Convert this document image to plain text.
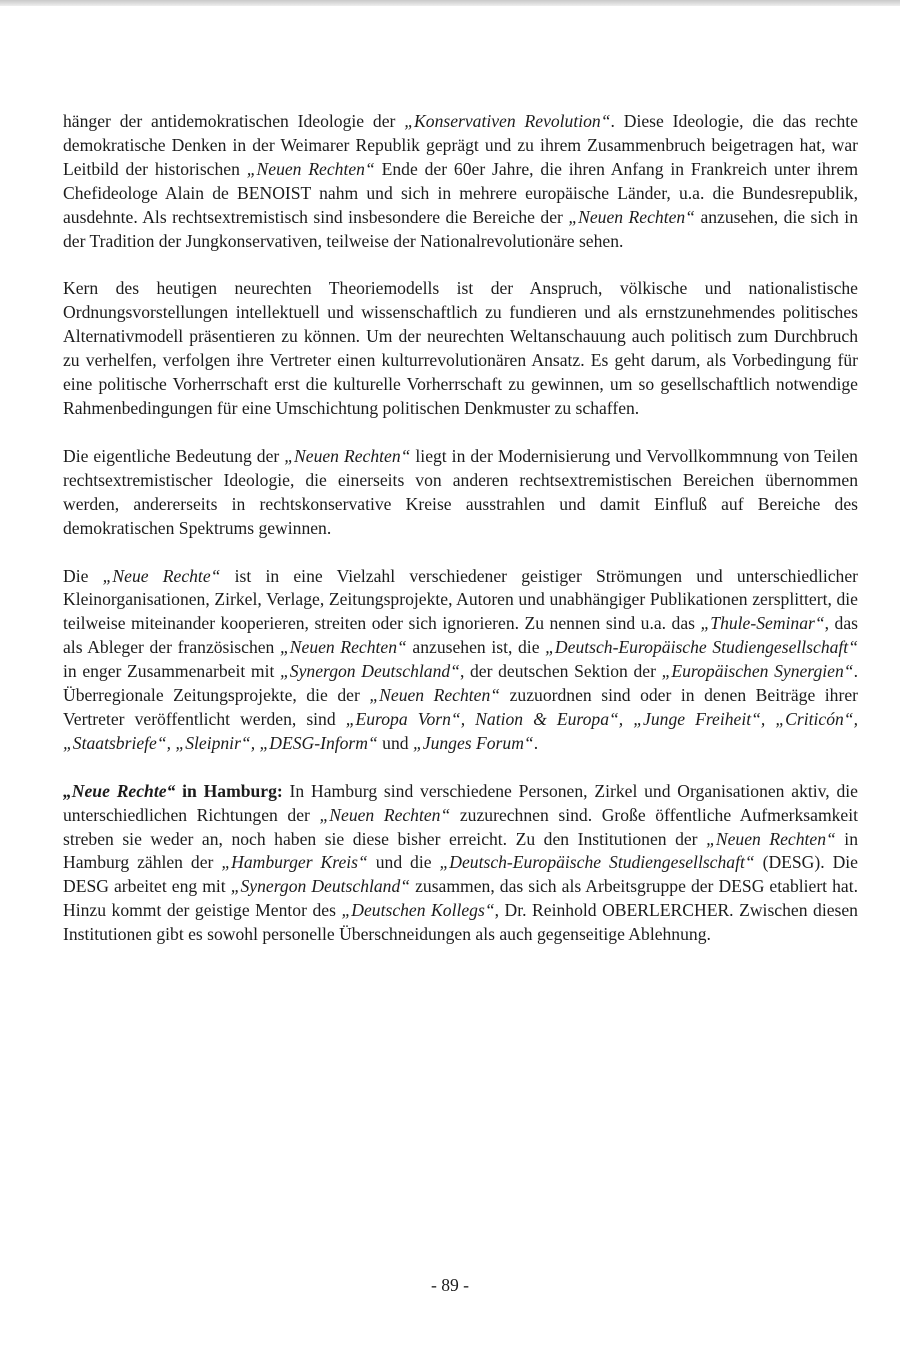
hänger der antidemokratischen Ideologie der „Konservativen Revolution“. Diese Ideologie, die das rechte demokratische Denken in der Weimarer Republik geprägt und zu ihrem Zusammenbruch beigetragen hat, war Leitbild der historischen „Neuen Rechten“ Ende der 60er Jahre, die ihren Anfang in Frankreich unter ihrem Chefideologe Alain de BENOIST nahm und sich in mehrere europäische Länder, u.a. die Bundesrepublik, ausdehnte. Als rechtsextremistisch sind insbesondere die Bereiche der „Neuen Rechten“ anzusehen, die sich in der Tradition der Jungkonservativen, teilweise der Nationalrevolutionäre sehen.

Kern des heutigen neurechten Theoriemodells ist der Anspruch, völkische und nationalistische Ordnungsvorstellungen intellektuell und wissenschaftlich zu fundieren und als ernstzunehmendes politisches Alternativmodell präsentieren zu können. Um der neurechten Weltanschauung auch politisch zum Durchbruch zu verhelfen, verfolgen ihre Vertreter einen kulturrevolutionären Ansatz. Es geht darum, als Vorbedingung für eine politische Vorherrschaft erst die kulturelle Vorherrschaft zu gewinnen, um so gesellschaftlich notwendige Rahmenbedingungen für eine Umschichtung politischen Denkmuster zu schaffen.

Die eigentliche Bedeutung der „Neuen Rechten“ liegt in der Modernisierung und Vervollkommnung von Teilen rechtsextremistischer Ideologie, die einerseits von anderen rechtsextremistischen Bereichen übernommen werden, andererseits in rechtskonservative Kreise ausstrahlen und damit Einfluß auf Bereiche des demokratischen Spektrums gewinnen.

Die „Neue Rechte“ ist in eine Vielzahl verschiedener geistiger Strömungen und unterschiedlicher Kleinorganisationen, Zirkel, Verlage, Zeitungsprojekte, Autoren und unabhängiger Publikationen zersplittert, die teilweise miteinander kooperieren, streiten oder sich ignorieren. Zu nennen sind u.a. das „Thule-Seminar“, das als Ableger der französischen „Neuen Rechten“ anzusehen ist, die „Deutsch-Europäische Studiengesellschaft“ in enger Zusammenarbeit mit „Synergon Deutschland“, der deutschen Sektion der „Europäischen Synergien“. Überregionale Zeitungsprojekte, die der „Neuen Rechten“ zuzuordnen sind oder in denen Beiträge ihrer Vertreter veröffentlicht werden, sind „Europa Vorn“, Nation & Europa“, „Junge Freiheit“, „Criticón“, „Staatsbriefe“, „Sleipnir“, „DESG-Inform“ und „Junges Forum“.

„Neue Rechte“ in Hamburg: In Hamburg sind verschiedene Personen, Zirkel und Organisationen aktiv, die unterschiedlichen Richtungen der „Neuen Rechten“ zuzurechnen sind. Große öffentliche Aufmerksamkeit streben sie weder an, noch haben sie diese bisher erreicht. Zu den Institutionen der „Neuen Rechten“ in Hamburg zählen der „Hamburger Kreis“ und die „Deutsch-Europäische Studiengesellschaft“ (DESG). Die DESG arbeitet eng mit „Synergon Deutschland“ zusammen, das sich als Arbeitsgruppe der DESG etabliert hat. Hinzu kommt der geistige Mentor des „Deutschen Kollegs“, Dr. Reinhold OBERLERCHER. Zwischen diesen Institutionen gibt es sowohl personelle Überschneidungen als auch gegenseitige Ablehnung.

- 89 -
